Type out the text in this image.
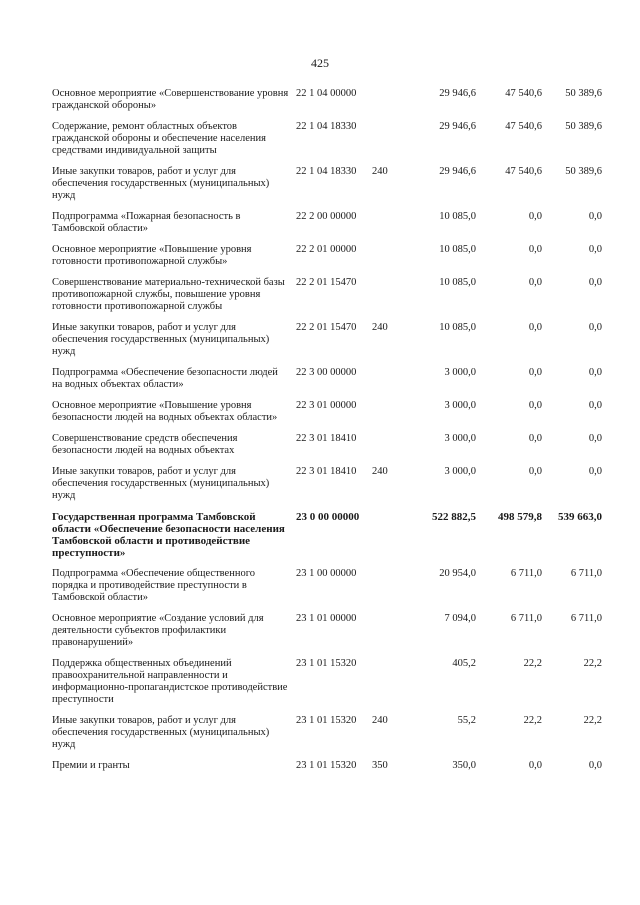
425
Основное мероприятие «Совершенствование уровня гражданской обороны»
22 1 04 00000	29 946,6	47 540,6	50 389,6
Содержание, ремонт областных объектов гражданской обороны и обеспечение населения средствами индивидуальной защиты
22 1 04 18330	29 946,6	47 540,6	50 389,6
Иные закупки товаров, работ и услуг для обеспечения государственных (муниципальных) нужд
22 1 04 18330	240	29 946,6	47 540,6	50 389,6
Подпрограмма «Пожарная безопасность в Тамбовской области»
22 2 00 00000	10 085,0	0,0	0,0
Основное мероприятие «Повышение уровня готовности противопожарной службы»
22 2 01 00000	10 085,0	0,0	0,0
Совершенствование материально-технической базы противопожарной службы, повышение уровня готовности противопожарной службы
22 2 01 15470	10 085,0	0,0	0,0
Иные закупки товаров, работ и услуг для обеспечения государственных (муниципальных) нужд
22 2 01 15470	240	10 085,0	0,0	0,0
Подпрограмма «Обеспечение безопасности людей на водных объектах области»
22 3 00 00000	3 000,0	0,0	0,0
Основное мероприятие «Повышение уровня безопасности людей на водных объектах области»
22 3 01 00000	3 000,0	0,0	0,0
Совершенствование средств обеспечения безопасности людей на водных объектах
22 3 01 18410	3 000,0	0,0	0,0
Иные закупки товаров, работ и услуг для обеспечения государственных (муниципальных) нужд
22 3 01 18410	240	3 000,0	0,0	0,0
Государственная программа Тамбовской области «Обеспечение безопасности населения Тамбовской области и противодействие преступности»
23 0 00 00000	522 882,5	498 579,8	539 663,0
Подпрограмма «Обеспечение общественного порядка и противодействие преступности в Тамбовской области»
23 1 00 00000	20 954,0	6 711,0	6 711,0
Основное мероприятие «Создание условий для деятельности субъектов профилактики правонарушений»
23 1 01 00000	7 094,0	6 711,0	6 711,0
Поддержка общественных объединений правоохранительной направленности и информационно-пропагандистское противодействие преступности
23 1 01 15320	405,2	22,2	22,2
Иные закупки товаров, работ и услуг для обеспечения государственных (муниципальных) нужд
23 1 01 15320	240	55,2	22,2	22,2
Премии и гранты	23 1 01 15320	350	350,0	0,0	0,0
